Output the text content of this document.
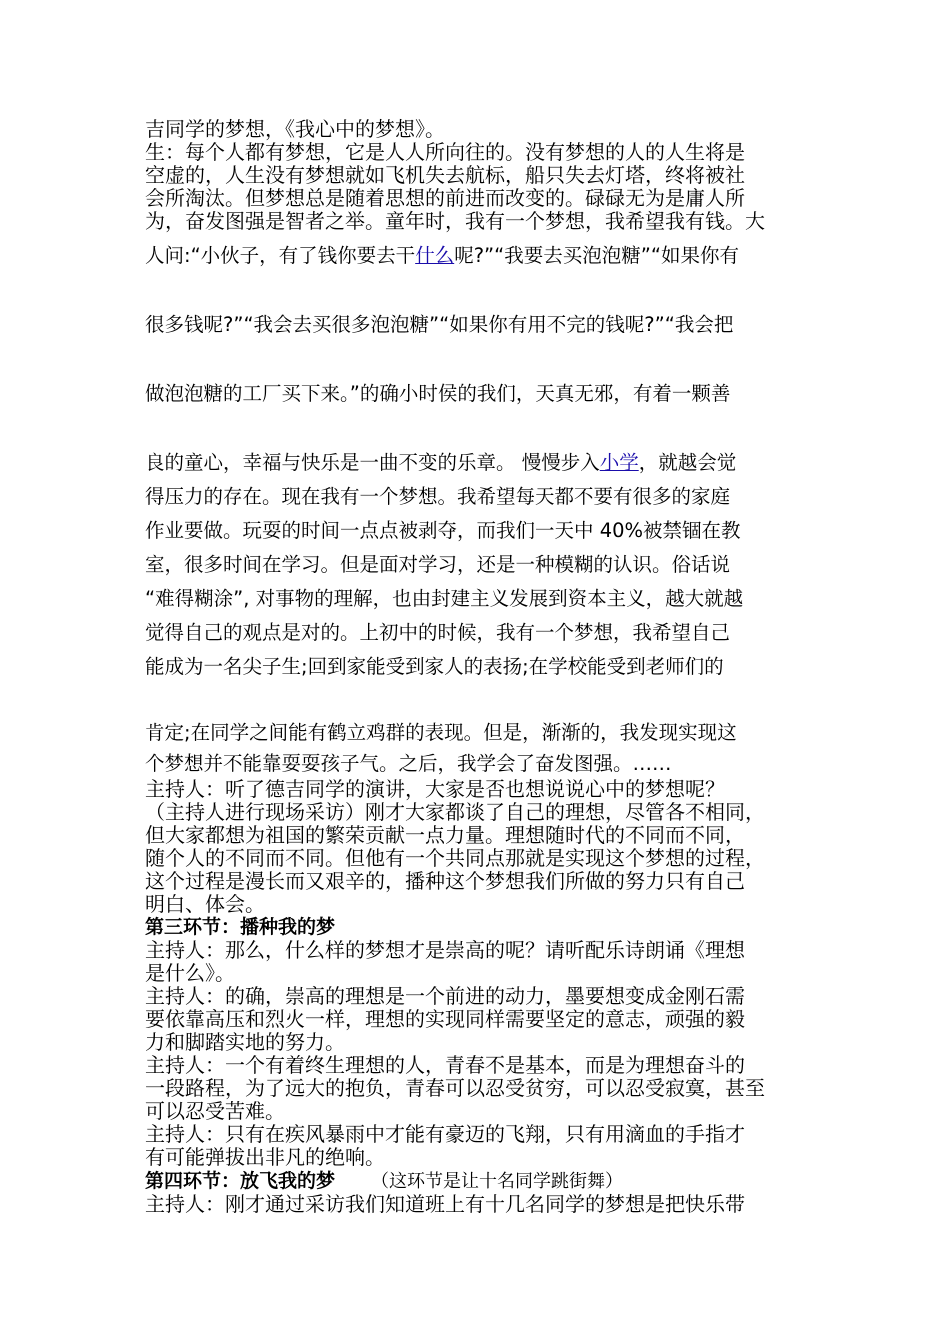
吉同学的梦想，《我心中的梦想》。

生：每个人都有梦想，它是人人所向往的。没有梦想的人的人生将是

空虚的，人生没有梦想就如飞机失去航标，船只失去灯塔，终将被社

会所淘汰。但梦想总是随着思想的前进而改变的。碌碌无为是庸人所

为，奋发图强是智者之举。童年时，我有一个梦想，我希望我有钱。大

人问:“小伙子，有了钱你要去干什么呢?”“我要去买泡泡糖”“如果你有

很多钱呢?”“我会去买很多泡泡糖”“如果你有用不完的钱呢?”“我会把

做泡泡糖的工厂买下来。”的确小时侯的我们，天真无邪，有着一颗善

良的童心，幸福与快乐是一曲不变的乐章。 慢慢步入小学，就越会觉

得压力的存在。现在我有一个梦想。我希望每天都不要有很多的家庭

作业要做。玩耍的时间一点点被剥夺，而我们一天中 40%被禁锢在教

室，很多时间在学习。但是面对学习，还是一种模糊的认识。俗话说

“难得糊涂”, 对事物的理解，也由封建主义发展到资本主义，越大就越

觉得自己的观点是对的。上初中的时候，我有一个梦想，我希望自己

能成为一名尖子生;回到家能受到家人的表扬;在学校能受到老师们的

肯定;在同学之间能有鹤立鸡群的表现。但是，渐渐的，我发现实现这

个梦想并不能靠耍耍孩子气。之后，我学会了奋发图强。……

主持人：听了德吉同学的演讲，大家是否也想说说心中的梦想呢？

（主持人进行现场采访）刚才大家都谈了自己的理想，尽管各不相同，

但大家都想为祖国的繁荣贡献一点力量。理想随时代的不同而不同，

随个人的不同而不同。但他有一个共同点那就是实现这个梦想的过程，

这个过程是漫长而又艰辛的，播种这个梦想我们所做的努力只有自己

明白、体会。

第三环节：播种我的梦

主持人：那么，什么样的梦想才是崇高的呢？请听配乐诗朗诵《理想

是什么》。

主持人：的确，崇高的理想是一个前进的动力，墨要想变成金刚石需

要依靠高压和烈火一样，理想的实现同样需要坚定的意志，顽强的毅

力和脚踏实地的努力。

主持人：一个有着终生理想的人，青春不是基本，而是为理想奋斗的

一段路程，为了远大的抱负，青春可以忍受贫穷，可以忍受寂寞，甚至

可以忍受苦难。

主持人：只有在疾风暴雨中才能有豪迈的飞翔，只有用滴血的手指才

有可能弹拔出非凡的绝响。

第四环节：放飞我的梦 （这环节是让十名同学跳街舞）

主持人：刚才通过采访我们知道班上有十几名同学的梦想是把快乐带
